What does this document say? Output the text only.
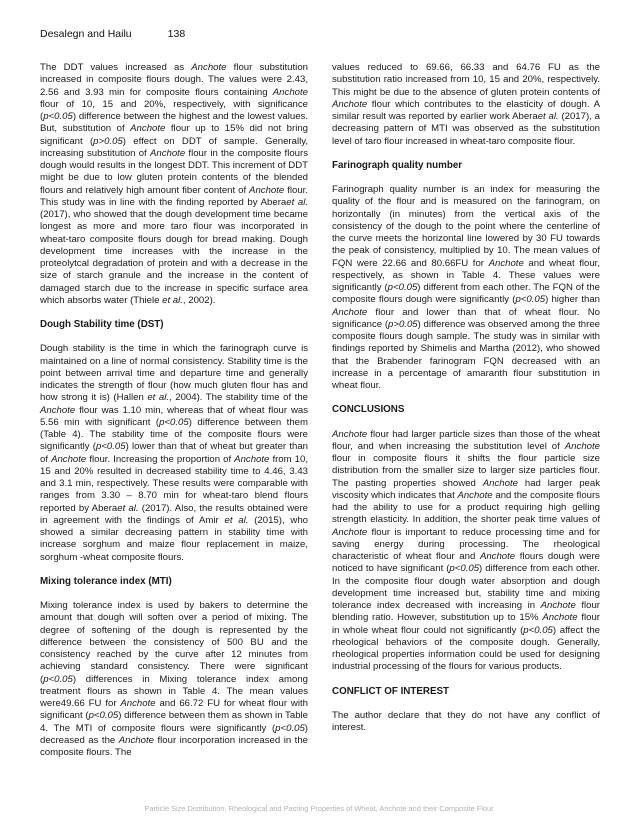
Desalegn and Hailu	138

The DDT values increased as Anchote flour substitution increased in composite flours dough. The values were 2.43, 2.56 and 3.93 min for composite flours containing Anchote flour of 10, 15 and 20%, respectively, with significance (p<0.05) difference between the highest and the lowest values. But, substitution of Anchote flour up to 15% did not bring significant (p>0.05) effect on DDT of sample. Generally, increasing substitution of Anchote flour in the composite flours dough would results in the longest DDT. This increment of DDT might be due to low gluten protein contents of the blended flours and relatively high amount fiber content of Anchote flour. This study was in line with the finding reported by Aberaet al. (2017), who showed that the dough development time became longest as more and more taro flour was incorporated in wheat-taro composite flours dough for bread making. Dough development time increases with the increase in the proteolytcal degradation of protein and with a decrease in the size of starch granule and the increase in the content of damaged starch due to the increase in specific surface area which absorbs water (Thiele et al., 2002).

Dough Stability time (DST)

Dough stability is the time in which the farinograph curve is maintained on a line of normal consistency. Stability time is the point between arrival time and departure time and generally indicates the strength of flour (how much gluten flour has and how strong it is) (Hallen et al., 2004). The stability time of the Anchote flour was 1.10 min, whereas that of wheat flour was 5.56 min with significant (p<0.05) difference between them (Table 4). The stability time of the composite flours were significantly (p<0.05) lower than that of wheat but greater than of Anchote flour. Increasing the proportion of Anchote from 10, 15 and 20% resulted in decreased stability time to 4.46, 3.43 and 3.1 min, respectively. These results were comparable with ranges from 3.30 – 8.70 min for wheat-taro blend flours reported by Aberaet al. (2017). Also, the results obtained were in agreement with the findings of Amir et al. (2015), who showed a similar decreasing pattern in stability time with increase sorghum and maize flour replacement in maize, sorghum -wheat composite flours.

Mixing tolerance index (MTI)

Mixing tolerance index is used by bakers to determine the amount that dough will soften over a period of mixing. The degree of softening of the dough is represented by the difference between the consistency of 500 BU and the consistency reached by the curve after 12 minutes from achieving standard consistency. There were significant (p<0.05) differences in Mixing tolerance index among treatment flours as shown in Table 4. The mean values were49.66 FU for Anchote and 66.72 FU for wheat flour with significant (p<0.05) difference between them as shown in Table 4. The MTI of composite flours were significantly (p<0.05) decreased as the Anchote flour incorporation increased in the composite flours. The

values reduced to 69.66, 66.33 and 64.76 FU as the substitution ratio increased from 10, 15 and 20%, respectively. This might be due to the absence of gluten protein contents of Anchote flour which contributes to the elasticity of dough. A similar result was reported by earlier work Aberaet al. (2017), a decreasing pattern of MTI was observed as the substitution level of taro flour increased in wheat-taro composite flour.

Farinograph quality number

Farinograph quality number is an index for measuring the quality of the flour and is measured on the farinogram, on horizontally (in minutes) from the vertical axis of the consistency of the dough to the point where the centerline of the curve meets the horizontal line lowered by 30 FU towards the peak of consistency, multiplied by 10. The mean values of FQN were 22.66 and 80.66FU for Anchote and wheat flour, respectively, as shown in Table 4. These values were significantly (p<0.05) different from each other. The FQN of the composite flours dough were significantly (p<0.05) higher than Anchote flour and lower than that of wheat flour. No significance (p>0.05) difference was observed among the three composite flours dough sample. The study was in similar with findings reported by Shimelis and Martha (2012), who showed that the Brabender farinogram FQN decreased with an increase in a percentage of amaranth flour substitution in wheat flour.

CONCLUSIONS

Anchote flour had larger particle sizes than those of the wheat flour, and when increasing the substitution level of Anchote flour in composite flours it shifts the flour particle size distribution from the smaller size to larger size particles flour. The pasting properties showed Anchote had larger peak viscosity which indicates that Anchote and the composite flours had the ability to use for a product requiring high gelling strength elasticity. In addition, the shorter peak time values of Anchote flour is important to reduce processing time and for saving energy during processing. The rheological characteristic of wheat flour and Anchote flours dough were noticed to have significant (p<0.05) difference from each other. In the composite flour dough water absorption and dough development time increased but, stability time and mixing tolerance index decreased with increasing in Anchote flour blending ratio. However, substitution up to 15% Anchote flour in whole wheat flour could not significantly (p<0.05) affect the rheological behaviors of the composite dough. Generally, rheological properties information could be used for designing industrial processing of the flours for various products.

CONFLICT OF INTEREST

The author declare that they do not have any conflict of interest.

Particle Size Distribution, Rheological and Pasting Properties of Wheat, Anchote and their Composite Flour
